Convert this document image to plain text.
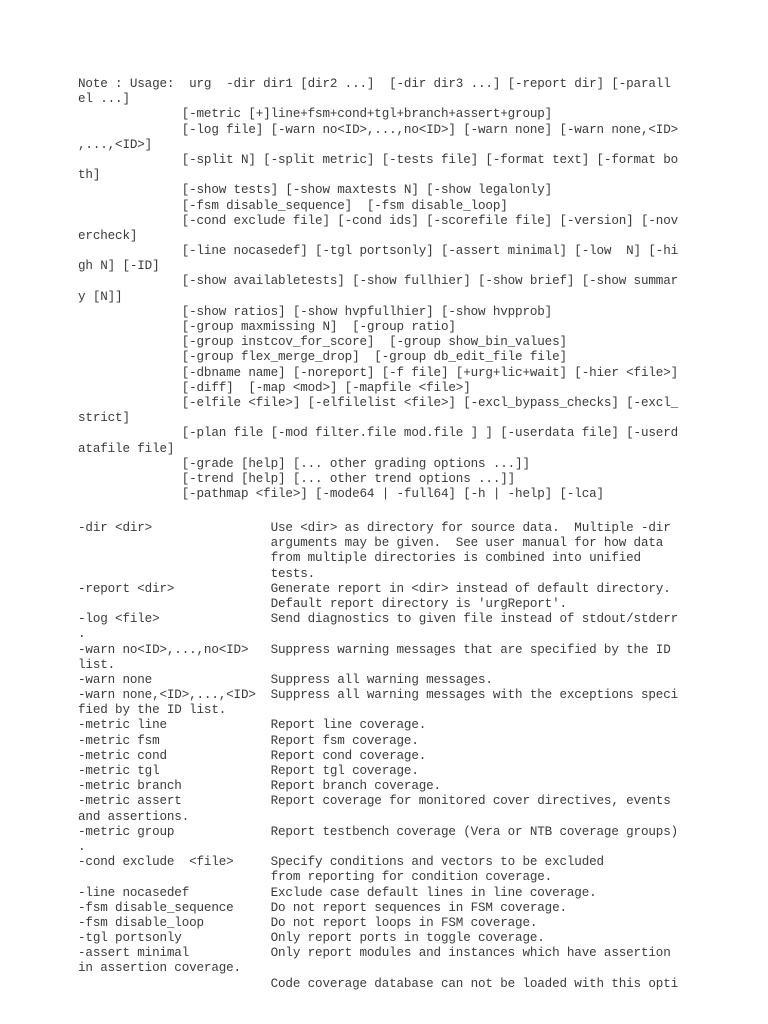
Note : Usage:  urg  -dir dir1 [dir2 ...]  [-dir dir3 ...] [-report dir] [-parall
el ...]
[-metric [+]line+fsm+cond+tgl+branch+assert+group]
[-log file] [-warn no<ID>,...,no<ID>] [-warn none] [-warn none,<ID>
,...,<ID>]
[-split N] [-split metric] [-tests file] [-format text] [-format bo
th]
[-show tests] [-show maxtests N] [-show legalonly]
[-fsm disable_sequence]  [-fsm disable_loop]
[-cond exclude file] [-cond ids] [-scorefile file] [-version] [-nov
ercheck]
[-line nocasedef] [-tgl portsonly] [-assert minimal] [-low  N] [-hi
gh N] [-ID]
[-show availabletests] [-show fullhier] [-show brief] [-show summar
y [N]]
[-show ratios] [-show hvpfullhier] [-show hvpprob]
[-group maxmissing N]  [-group ratio]
[-group instcov_for_score]  [-group show_bin_values]
[-group flex_merge_drop]  [-group db_edit_file file]
[-dbname name] [-noreport] [-f file] [+urg+lic+wait] [-hier <file>]
[-diff]  [-map <mod>] [-mapfile <file>]
[-elfile <file>] [-elfilelist <file>] [-excl_bypass_checks] [-excl_
strict]
[-plan file [-mod filter.file mod.file ] ] [-userdata file] [-userd
atafile file]
[-grade [help] [... other grading options ...]]
[-trend [help] [... other trend options ...]]
[-pathmap <file>] [-mode64 | -full64] [-h | -help] [-lca]
-dir <dir>                Use <dir> as directory for source data.  Multiple -dir
arguments may be given.  See user manual for how data
from multiple directories is combined into unified
tests.
-report <dir>             Generate report in <dir> instead of default directory.
Default report directory is 'urgReport'.
-log <file>               Send diagnostics to given file instead of stdout/stderr
.
-warn no<ID>,...,no<ID>   Suppress warning messages that are specified by the ID
list.
-warn none                Suppress all warning messages.
-warn none,<ID>,...,<ID>  Suppress all warning messages with the exceptions speci
fied by the ID list.
-metric line              Report line coverage.
-metric fsm               Report fsm coverage.
-metric cond              Report cond coverage.
-metric tgl               Report tgl coverage.
-metric branch            Report branch coverage.
-metric assert            Report coverage for monitored cover directives, events
and assertions.
-metric group             Report testbench coverage (Vera or NTB coverage groups)
.
-cond exclude  <file>     Specify conditions and vectors to be excluded
from reporting for condition coverage.
-line nocasedef           Exclude case default lines in line coverage.
-fsm disable_sequence     Do not report sequences in FSM coverage.
-fsm disable_loop         Do not report loops in FSM coverage.
-tgl portsonly            Only report ports in toggle coverage.
-assert minimal           Only report modules and instances which have assertion
in assertion coverage.
Code coverage database can not be loaded with this opti
